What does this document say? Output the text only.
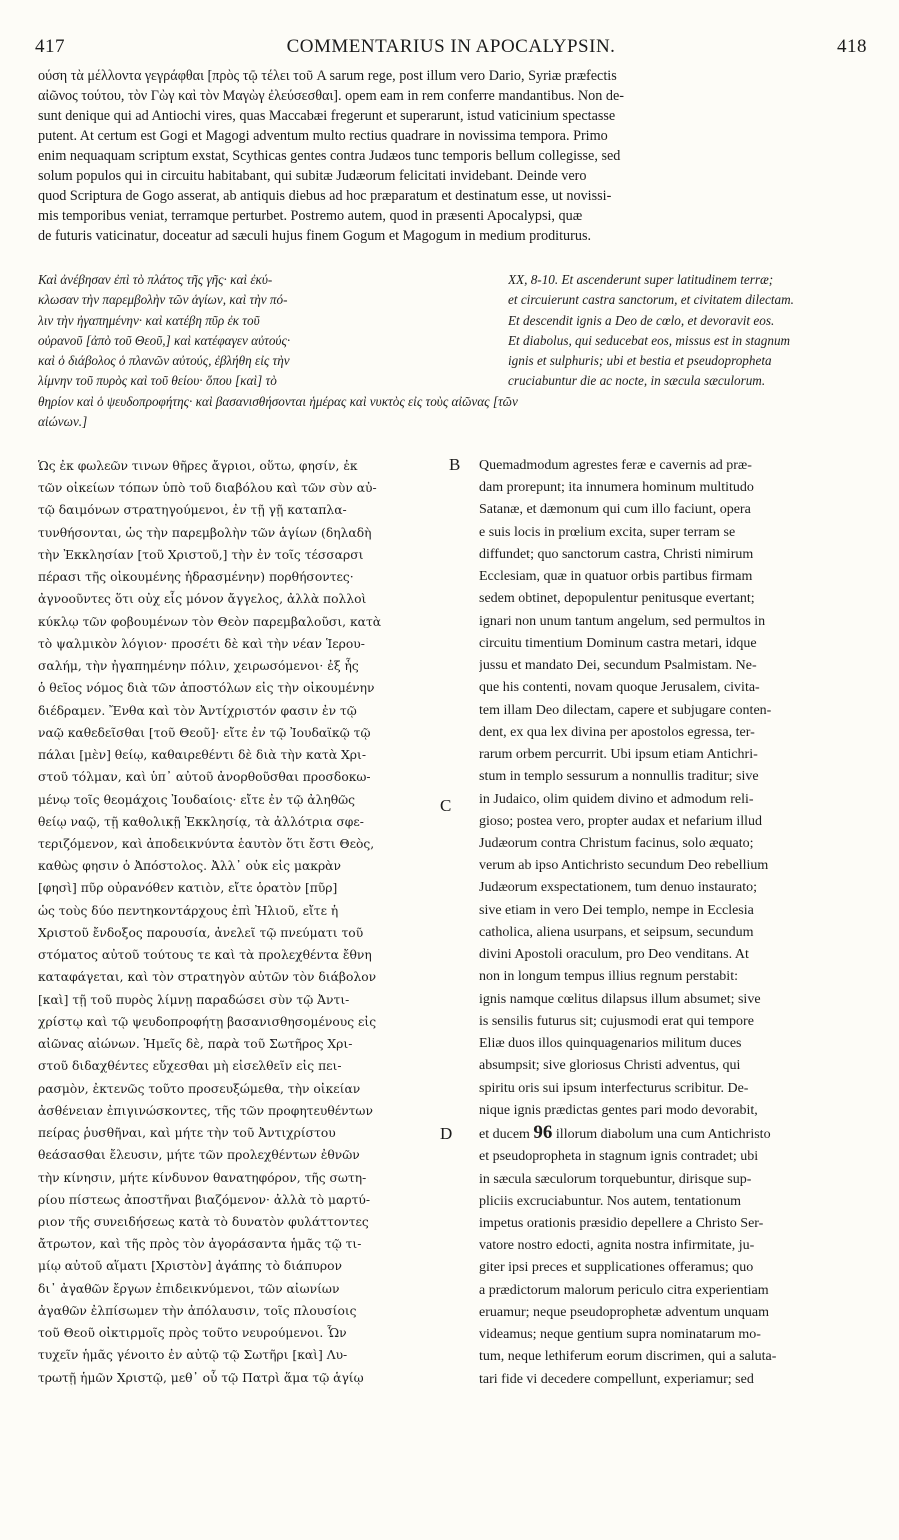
417	COMMENTARIUS IN APOCALYPSIN.	418
ούση τὰ μέλλοντα γεγράφθαι [πρὸς τῷ τέλει τοῦ A sarum rege, post illum vero Dario, Syriæ præfectis
αἰῶνος τούτου, τὸν Γὼγ καὶ τὸν Μαγὼγ ἐλεύσεσθαι]. opem eam in rem conferre mandantibus. Non de-
sunt denique qui ad Antiochi vires, quas Maccabæi fregerunt et superarunt, istud vaticinium spectasse
putent. At certum est Gogi et Magogi adventum multo rectius quadrare in novissima tempora. Primo
enim nequaquam scriptum exstat, Scythicas gentes contra Judæos tunc temporis bellum collegisse, sed
solum populos qui in circuitu habitabant, qui subitæ Judæorum felicitati invidebant. Deinde vero
quod Scriptura de Gogo asserat, ab antiquis diebus ad hoc præparatum et destinatum esse, ut novissi-
mis temporibus veniat, terramque perturbet. Postremo autem, quod in præsenti Apocalypsi, quæ
de futuris vaticinatur, doceatur ad sæculi hujus finem Gogum et Magogum in medium proditurus.
Καὶ ἀνέβησαν ἐπὶ τὸ πλάτος τῆς γῆς· καὶ ἐκύ-
κλωσαν τὴν παρεμβολὴν τῶν ἁγίων, καὶ τὴν πό-
λιν τὴν ἠγαπημένην· καὶ κατέβη πῦρ ἐκ τοῦ
οὐρανοῦ [ἀπὸ τοῦ Θεοῦ,] καὶ κατέφαγεν αὐτούς·
καὶ ὁ διάβολος ὁ πλανῶν αὐτούς, ἐβλήθη εἰς τὴν
λίμνην τοῦ πυρὸς καὶ τοῦ θείου· ὅπου [καὶ] τὸ
XX, 8-10. Et ascenderunt super latitudinem terræ;
et circuierunt castra sanctorum, et civitatem dilectam.
Et descendit ignis a Deo de cœlo, et devoravit eos.
Et diabolus, qui seducebat eos, missus est in stagnum
ignis et sulphuris; ubi et bestia et pseudopropheta
cruciabuntur die ac nocte, in sæcula sæculorum.
θηρίον καὶ ὁ ψευδοπροφήτης· καὶ βασανισθήσονται ἡμέρας καὶ νυκτὸς εἰς τοὺς αἰῶνας [τῶν
αἰώνων.]
B
C
D
Ὡς ἐκ φωλεῶν τινων θῆρες ἄγριοι, οὕτω, φησίν, ἐκ
τῶν οἰκείων τόπων ὑπὸ τοῦ διαβόλου καὶ τῶν σὺν αὐ-
τῷ δαιμόνων στρατηγούμενοι, ἐν τῇ γῇ καταπλα-
τυνθήσονται, ὡς τὴν παρεμβολὴν τῶν ἁγίων (δηλαδὴ
τὴν Ἐκκλησίαν [τοῦ Χριστοῦ,] τὴν ἐν τοῖς τέσσαρσι
πέρασι τῆς οἰκουμένης ἡδρασμένην) πορθήσοντες·
ἀγνοοῦντες ὅτι οὐχ εἷς μόνον ἄγγελος, ἀλλὰ πολλοὶ
κύκλῳ τῶν φοβουμένων τὸν Θεὸν παρεμβαλοῦσι, κατὰ
τὸ ψαλμικὸν λόγιον· προσέτι δὲ καὶ τὴν νέαν Ἱερου-
σαλήμ, τὴν ἠγαπημένην πόλιν, χειρωσόμενοι· ἐξ ἧς
ὁ θεῖος νόμος διὰ τῶν ἀποστόλων εἰς τὴν οἰκουμένην
διέδραμεν. Ἔνθα καὶ τὸν Ἀντίχριστόν φασιν ἐν τῷ
ναῷ καθεδεῖσθαι [τοῦ Θεοῦ]· εἴτε ἐν τῷ Ἰουδαϊκῷ τῷ
πάλαι [μὲν] θείῳ, καθαιρεθέντι δὲ διὰ τὴν κατὰ Χρι-
στοῦ τόλμαν, καὶ ὑπ᾽ αὐτοῦ ἀνορθοῦσθαι προσδοκω-
μένῳ τοῖς θεομάχοις Ἰουδαίοις· εἴτε ἐν τῷ ἀληθῶς
θείῳ ναῷ, τῇ καθολικῇ Ἐκκλησίᾳ, τὰ ἀλλότρια σφε-
τεριζόμενον, καὶ ἀποδεικνύντα ἑαυτὸν ὅτι ἔστι Θεὸς,
καθὼς φησιν ὁ Ἀπόστολος. Ἀλλ᾽ οὐκ εἰς μακρὰν
[φησὶ] πῦρ οὐρανόθεν κατιὸν, εἴτε ὁρατὸν [πῦρ]
ὡς τοὺς δύο πεντηκοντάρχους ἐπὶ Ἠλιοῦ, εἴτε ἡ
Χριστοῦ ἔνδοξος παρουσία, ἀνελεῖ τῷ πνεύματι τοῦ
στόματος αὐτοῦ τούτους τε καὶ τὰ προλεχθέντα ἔθνη
καταφάγεται, καὶ τὸν στρατηγὸν αὐτῶν τὸν διάβολον
[καὶ] τῇ τοῦ πυρὸς λίμνῃ παραδώσει σὺν τῷ Ἀντι-
χρίστῳ καὶ τῷ ψευδοπροφήτῃ βασανισθησομένους εἰς
αἰῶνας αἰώνων. Ἡμεῖς δὲ, παρὰ τοῦ Σωτῆρος Χρι-
στοῦ διδαχθέντες εὔχεσθαι μὴ εἰσελθεῖν εἰς πει-
ρασμὸν, ἐκτενῶς τοῦτο προσευξώμεθα, τὴν οἰκείαν
ἀσθένειαν ἐπιγινώσκοντες, τῆς τῶν προφητευθέντων
πείρας ῥυσθῆναι, καὶ μήτε τὴν τοῦ Ἀντιχρίστου
θεάσασθαι ἔλευσιν, μήτε τῶν προλεχθέντων ἐθνῶν
τὴν κίνησιν, μήτε κίνδυνον θανατηφόρον, τῆς σωτη-
ρίου πίστεως ἀποστῆναι βιαζόμενον· ἀλλὰ τὸ μαρτύ-
ριον τῆς συνειδήσεως κατὰ τὸ δυνατὸν φυλάττοντες
ἄτρωτον, καὶ τῆς πρὸς τὸν ἀγοράσαντα ἡμᾶς τῷ τι-
μίῳ αὐτοῦ αἵματι [Χριστὸν] ἀγάπης τὸ διάπυρον
δι᾽ ἀγαθῶν ἔργων ἐπιδεικνύμενοι, τῶν αἰωνίων
ἀγαθῶν ἐλπίσωμεν τὴν ἀπόλαυσιν, τοῖς πλουσίοις
τοῦ Θεοῦ οἰκτιρμοῖς πρὸς τοῦτο νευρούμενοι. Ὧν
τυχεῖν ἡμᾶς γένοιτο ἐν αὐτῷ τῷ Σωτῆρι [καὶ] Λυ-
τρωτῇ ἡμῶν Χριστῷ, μεθ᾽ οὗ τῷ Πατρὶ ἅμα τῷ ἁγίῳ
Quemadmodum agrestes feræ e cavernis ad præ-
dam prorepunt; ita innumera hominum multitudo
Satanæ, et dæmonum qui cum illo faciunt, opera
e suis locis in prœlium excita, super terram se
diffundet; quo sanctorum castra, Christi nimirum
Ecclesiam, quæ in quatuor orbis partibus firmam
sedem obtinet, depopulentur penitusque evertant;
ignari non unum tantum angelum, sed permultos in
circuitu timentium Dominum castra metari, idque
jussu et mandato Dei, secundum Psalmistam. Ne-
que his contenti, novam quoque Jerusalem, civita-
tem illam Deo dilectam, capere et subjugare conten-
dent, ex qua lex divina per apostolos egressa, ter-
rarum orbem percurrit. Ubi ipsum etiam Antichri-
stum in templo sessurum a nonnullis traditur; sive
in Judaico, olim quidem divino et admodum reli-
gioso; postea vero, propter audax et nefarium illud
Judæorum contra Christum facinus, solo æquato;
verum ab ipso Antichristo secundum Deo rebellium
Judæorum exspectationem, tum denuo instaurato;
sive etiam in vero Dei templo, nempe in Ecclesia
catholica, aliena usurpans, et seipsum, secundum
divini Apostoli oraculum, pro Deo venditans. At
non in longum tempus illius regnum perstabit:
ignis namque cœlitus dilapsus illum absumet; sive
is sensilis futurus sit; cujusmodi erat qui tempore
Eliæ duos illos quinquagenarios militum duces
absumpsit; sive gloriosus Christi adventus, qui
spiritu oris sui ipsum interfecturus scribitur. De-
nique ignis prædictas gentes pari modo devorabit,
et ducem 96 illorum diabolum una cum Antichristo
et pseudopropheta in stagnum ignis contradet; ubi
in sæcula sæculorum torquebuntur, dirisque sup-
pliciis excruciabuntur. Nos autem, tentationum
impetus orationis præsidio depellere a Christo Ser-
vatore nostro edocti, agnita nostra infirmitate, ju-
giter ipsi preces et supplicationes offeramus; quo
a prædictorum malorum periculo citra experientiam
eruamur; neque pseudoprophetæ adventum unquam
videamus; neque gentium supra nominatarum mo-
tum, neque lethiferum eorum discrimen, qui a saluta-
tari fide vi decedere compellunt, experiamur; sed
